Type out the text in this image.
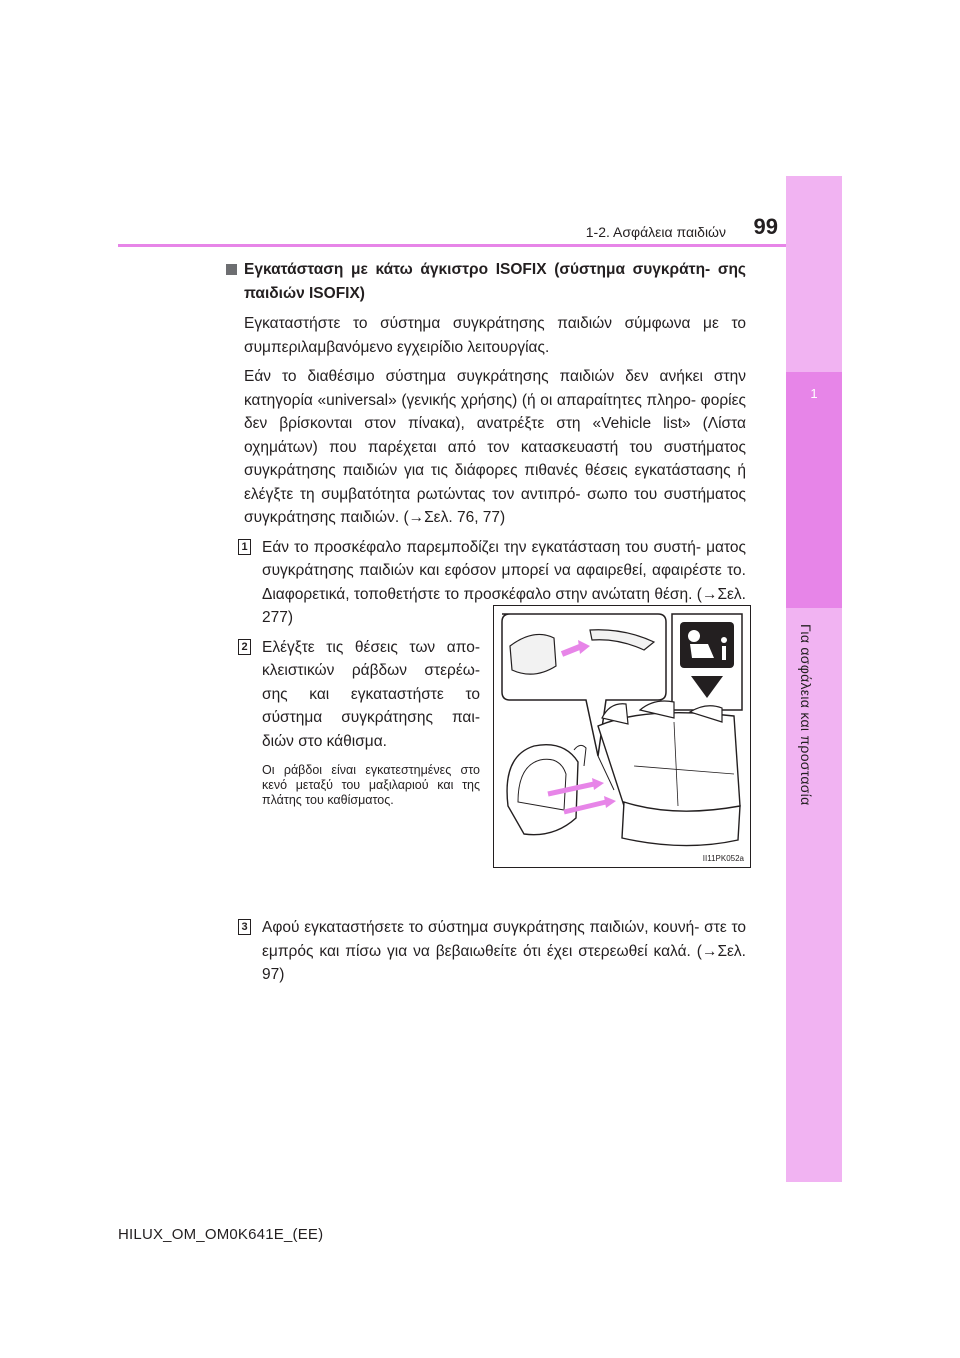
1
Για ασφάλεια και προστασία
1-2. Ασφάλεια παιδιών 99
Εγκατάσταση με κάτω άγκιστρο ISOFIX (σύστημα συγκράτη- σης παιδιών ISOFIX)

Εγκαταστήστε το σύστημα συγκράτησης παιδιών σύμφωνα με το συμπεριλαμβανόμενο εγχειρίδιο λειτουργίας.

Εάν το διαθέσιμο σύστημα συγκράτησης παιδιών δεν ανήκει στην κατηγορία «universal» (γενικής χρήσης) (ή οι απαραίτητες πληρο- φορίες δεν βρίσκονται στον πίνακα), ανατρέξτε στη «Vehicle list» (Λίστα οχημάτων) που παρέχεται από τον κατασκευαστή του συστήματος συγκράτησης παιδιών για τις διάφορες πιθανές θέσεις εγκατάστασης ή ελέγξτε τη συμβατότητα ρωτώντας τον αντιπρό- σωπο του συστήματος συγκράτησης παιδιών. (→Σελ. 76, 77)

1 Εάν το προσκέφαλο παρεμποδίζει την εγκατάσταση του συστή- ματος συγκράτησης παιδιών και εφόσον μπορεί να αφαιρεθεί, αφαιρέστε το. Διαφορετικά, τοποθετήστε το προσκέφαλο στην ανώτατη θέση. (→Σελ. 277)
2 Ελέγξτε τις θέσεις των απο- κλειστικών ράβδων στερέω- σης και εγκαταστήστε το σύστημα συγκράτησης παι- διών στο κάθισμα.
Οι ράβδοι είναι εγκατεστημένες στο κενό μεταξύ του μαξιλαριού και της πλάτης του καθίσματος.
3 Αφού εγκαταστήσετε το σύστημα συγκράτησης παιδιών, κουνή- στε το εμπρός και πίσω για να βεβαιωθείτε ότι έχει στερεωθεί καλά. (→Σελ. 97)
II11PK052a
HILUX_OM_OM0K641E_(EE)
